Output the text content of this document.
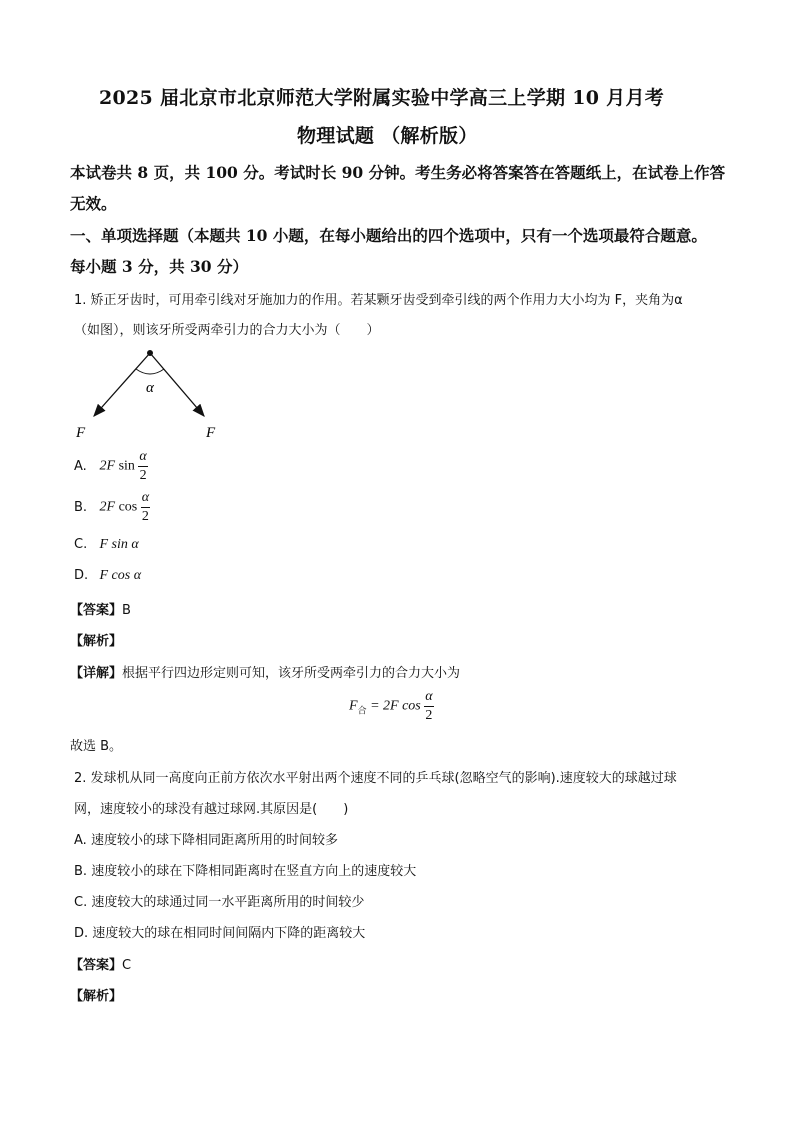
2025 届北京市北京师范大学附属实验中学高三上学期 10 月月考
物理试题 （解析版）
本试卷共 8 页，共 100 分。考试时长 90 分钟。考生务必将答案答在答题纸上，在试卷上作答
无效。
一、单项选择题（本题共 10 小题，在每小题给出的四个选项中，只有一个选项最符合题意。
每小题 3 分，共 30 分）
1. 矫正牙齿时，可用牵引线对牙施加力的作用。若某颗牙齿受到牵引线的两个作用力大小均为 F，夹角为α
（如图），则该牙所受两牵引力的合力大小为（　　）
α
F	F
A. 2F $\sin \frac{\alpha}{2}$
B. 2F $\cos \frac{\alpha}{2}$
C. F sin α
D. F cos α
【答案】B
【解析】
【详解】根据平行四边形定则可知，该牙所受两牵引力的合力大小为
$F_合 = 2F$ $\cos \frac{\alpha}{2}$
故选 B。
2. 发球机从同一高度向正前方依次水平射出两个速度不同的乒乓球(忽略空气的影响).速度较大的球越过球
网，速度较小的球没有越过球网.其原因是(　　)
A. 速度较小的球下降相同距离所用的时间较多
B. 速度较小的球在下降相同距离时在竖直方向上的速度较大
C. 速度较大的球通过同一水平距离所用的时间较少
D. 速度较大的球在相同时间间隔内下降的距离较大
【答案】C
【解析】
